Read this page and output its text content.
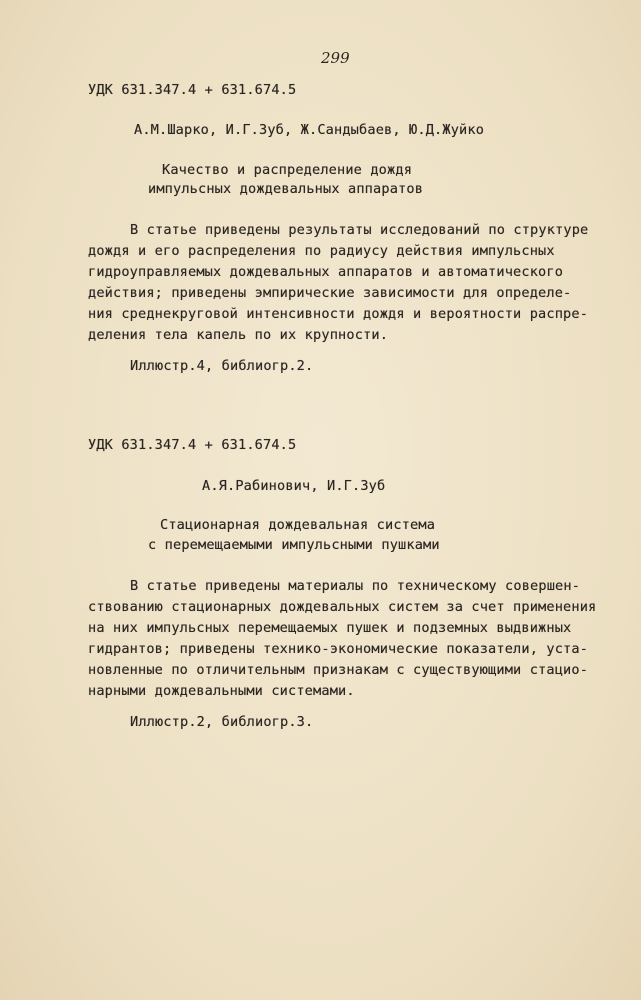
299
УДК 631.347.4 + 631.674.5
А.М.Шарко, И.Г.Зуб, Ж.Сандыбаев, Ю.Д.Жуйко
Качество и распределение дождя
импульсных дождевальных аппаратов
В статье приведены результаты исследований по структуре
дождя и его распределения по радиусу действия импульсных
гидроуправляемых дождевальных аппаратов и автоматического
действия; приведены эмпирические зависимости для определе-
ния среднекруговой интенсивности дождя и вероятности распре-
деления тела капель по их крупности.
Иллюстр.4, библиогр.2.
УДК 631.347.4 + 631.674.5
А.Я.Рабинович, И.Г.Зуб
Стационарная дождевальная система
с перемещаемыми импульсными пушками
В статье приведены материалы по техническому совершен-
ствованию стационарных дождевальных систем за счет применения
на них импульсных перемещаемых пушек и подземных выдвижных
гидрантов; приведены технико-экономические показатели, уста-
новленные по отличительным признакам с существующими стацио-
нарными дождевальными системами.
Иллюстр.2, библиогр.3.
